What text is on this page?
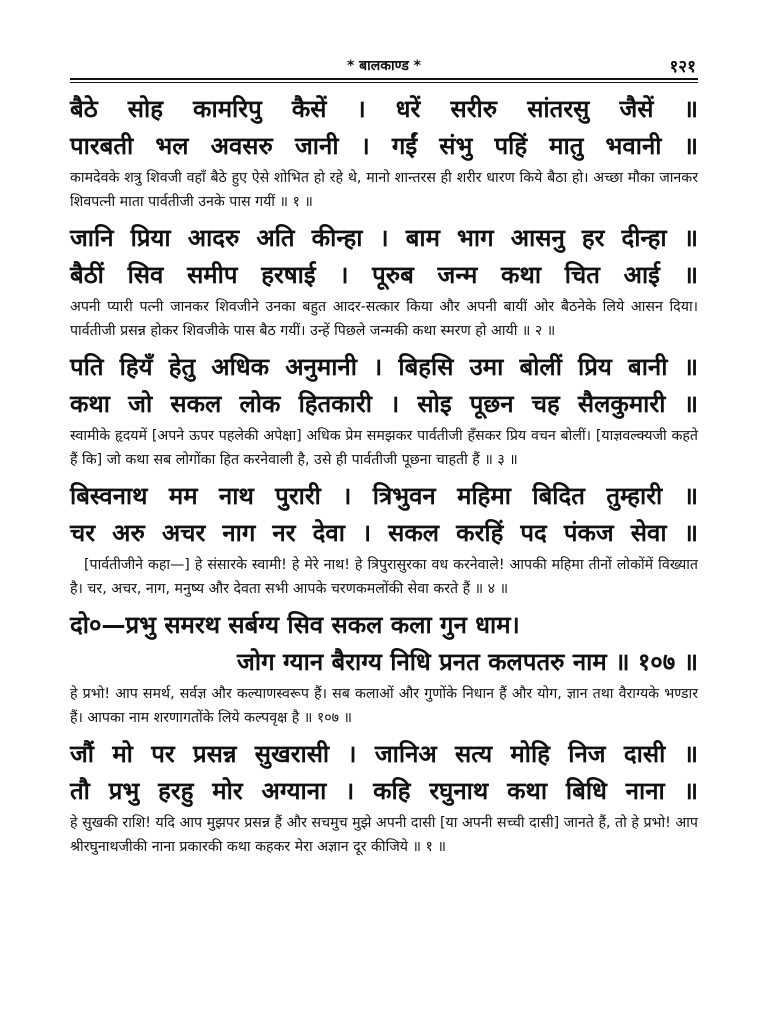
* बालकाण्ड *	१२१
बैठे सोह कामरिपु कैसें । धरें सरीरु सांतरसु जैसें ॥
पारबती भल अवसरु जानी । गईं संभु पहिं मातु भवानी ॥
कामदेवके शत्रु शिवजी वहाँ बैठे हुए ऐसे शोभित हो रहे थे, मानो शान्तरस ही शरीर धारण किये बैठा हो। अच्छा मौका जानकर शिवपत्नी माता पार्वतीजी उनके पास गयीं ॥ १ ॥
जानि प्रिया आदरु अति कीन्हा । बाम भाग आसनु हर दीन्हा ॥
बैठीं सिव समीप हरषाई । पूरुब जन्म कथा चित आई ॥
अपनी प्यारी पत्नी जानकर शिवजीने उनका बहुत आदर-सत्कार किया और अपनी बायीं ओर बैठनेके लिये आसन दिया। पार्वतीजी प्रसन्न होकर शिवजीके पास बैठ गयीं। उन्हें पिछले जन्मकी कथा स्मरण हो आयी ॥ २ ॥
पति हियँ हेतु अधिक अनुमानी । बिहसि उमा बोलीं प्रिय बानी ॥
कथा जो सकल लोक हितकारी । सोइ पूछन चह सैलकुमारी ॥
स्वामीके हृदयमें [अपने ऊपर पहलेकी अपेक्षा] अधिक प्रेम समझकर पार्वतीजी हँसकर प्रिय वचन बोलीं। [याज्ञवल्क्यजी कहते हैं कि] जो कथा सब लोगोंका हित करनेवाली है, उसे ही पार्वतीजी पूछना चाहती हैं ॥ ३ ॥
बिस्वनाथ मम नाथ पुरारी । त्रिभुवन महिमा बिदित तुम्हारी ॥
चर अरु अचर नाग नर देवा । सकल करहिं पद पंकज सेवा ॥
[पार्वतीजीने कहा—] हे संसारके स्वामी! हे मेरे नाथ! हे त्रिपुरासुरका वध करनेवाले! आपकी महिमा तीनों लोकोंमें विख्यात है। चर, अचर, नाग, मनुष्य और देवता सभी आपके चरणकमलोंकी सेवा करते हैं ॥ ४ ॥
दो०—प्रभु समरथ सर्बग्य सिव सकल कला गुन धाम।
जोग ग्यान बैराग्य निधि प्रनत कलपतरु नाम ॥ १०७ ॥
हे प्रभो! आप समर्थ, सर्वज्ञ और कल्याणस्वरूप हैं। सब कलाओं और गुणोंके निधान हैं और योग, ज्ञान तथा वैराग्यके भण्डार हैं। आपका नाम शरणागतोंके लिये कल्पवृक्ष है ॥ १०७ ॥
जौं मो पर प्रसन्न सुखरासी । जानिअ सत्य मोहि निज दासी ॥
तौ प्रभु हरहु मोर अग्याना । कहि रघुनाथ कथा बिधि नाना ॥
हे सुखकी राशि! यदि आप मुझपर प्रसन्न हैं और सचमुच मुझे अपनी दासी [या अपनी सच्ची दासी] जानते हैं, तो हे प्रभो! आप श्रीरघुनाथजीकी नाना प्रकारकी कथा कहकर मेरा अज्ञान दूर कीजिये ॥ १ ॥
